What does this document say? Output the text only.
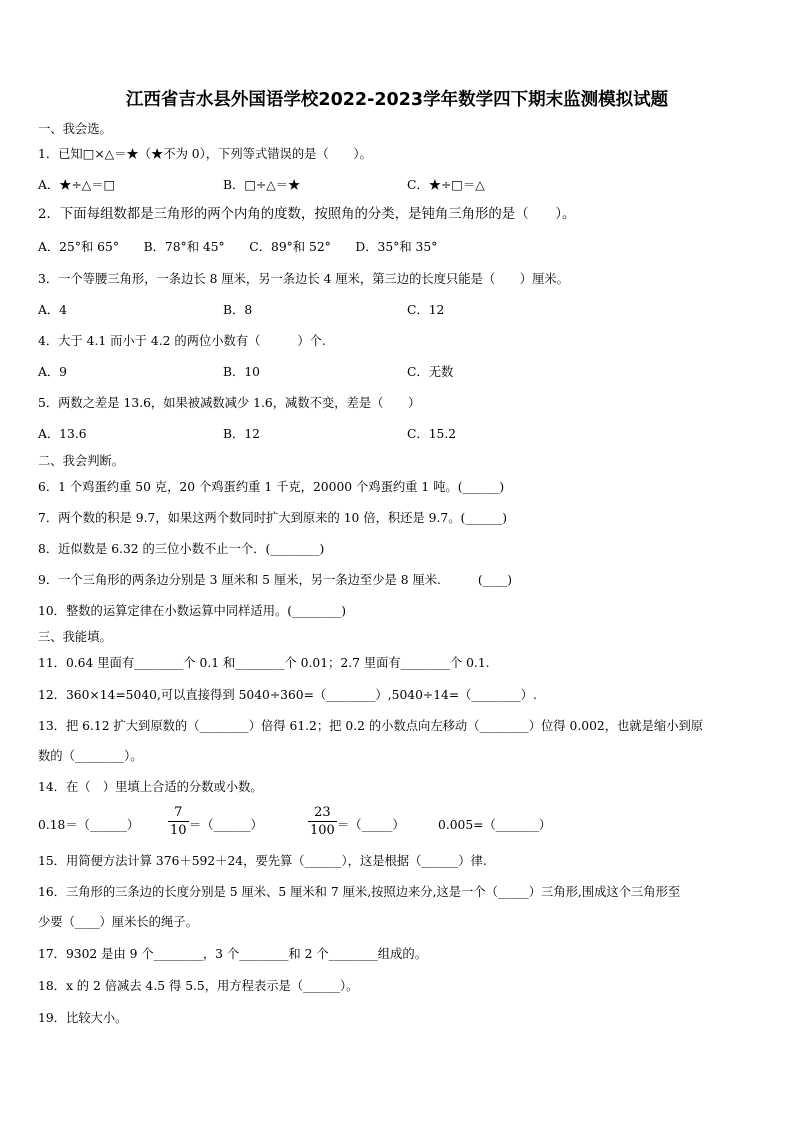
江西省吉水县外国语学校2022-2023学年数学四下期末监测模拟试题
一、我会选。
1．已知□×△＝★（★不为 0），下列等式错误的是（　　）。
A．★÷△＝□	B．□÷△＝★	C．★÷□＝△
2．下面每组数都是三角形的两个内角的度数，按照角的分类，是钝角三角形的是（　　）。
A．25°和 65°　　B．78°和 45°　　C．89°和 52°　　D．35°和 35°
3．一个等腰三角形，一条边长 8 厘米，另一条边长 4 厘米，第三边的长度只能是（　　）厘米。
A．4	B．8	C．12
4．大于 4.1 而小于 4.2 的两位小数有（　　　）个.
A．9	B．10	C．无数
5．两数之差是 13.6，如果被减数减少 1.6，减数不变，差是（　　）
A．13.6	B．12	C．15.2
二、我会判断。
6．1 个鸡蛋约重 50 克，20 个鸡蛋约重 1 千克，20000 个鸡蛋约重 1 吨。(______)
7．两个数的积是 9.7，如果这两个数同时扩大到原来的 10 倍，积还是 9.7。(______)
8．近似数是 6.32 的三位小数不止一个．(________)
9．一个三角形的两条边分别是 3 厘米和 5 厘米，另一条边至少是 8 厘米.　　　(____)
10．整数的运算定律在小数运算中同样适用。(________)
三、我能填。
11．0.64 里面有________个 0.1 和________个 0.01；2.7 里面有________个 0.1.
12．360×14=5040,可以直接得到 5040÷360=（________）,5040÷14=（________）.
13．把 6.12 扩大到原数的（________）倍得 61.2；把 0.2 的小数点向左移动（________）位得 0.002，也就是缩小到原
数的（________）。
14．在（　）里填上合适的分数或小数。
0.18＝（______） $\frac{7}{10}$ ＝（______）	$\frac{23}{100}$ ＝（_____）	0.005=（_______）
15．用简便方法计算 376＋592＋24，要先算（______），这是根据（______）律.
16．三角形的三条边的长度分别是 5 厘米、5 厘米和 7 厘米,按照边来分,这是一个（_____）三角形,围成这个三角形至
少要（____）厘米长的绳子。
17．9302 是由 9 个________，3 个________和 2 个________组成的。
18．x 的 2 倍减去 4.5 得 5.5，用方程表示是（______）。
19．比较大小。
